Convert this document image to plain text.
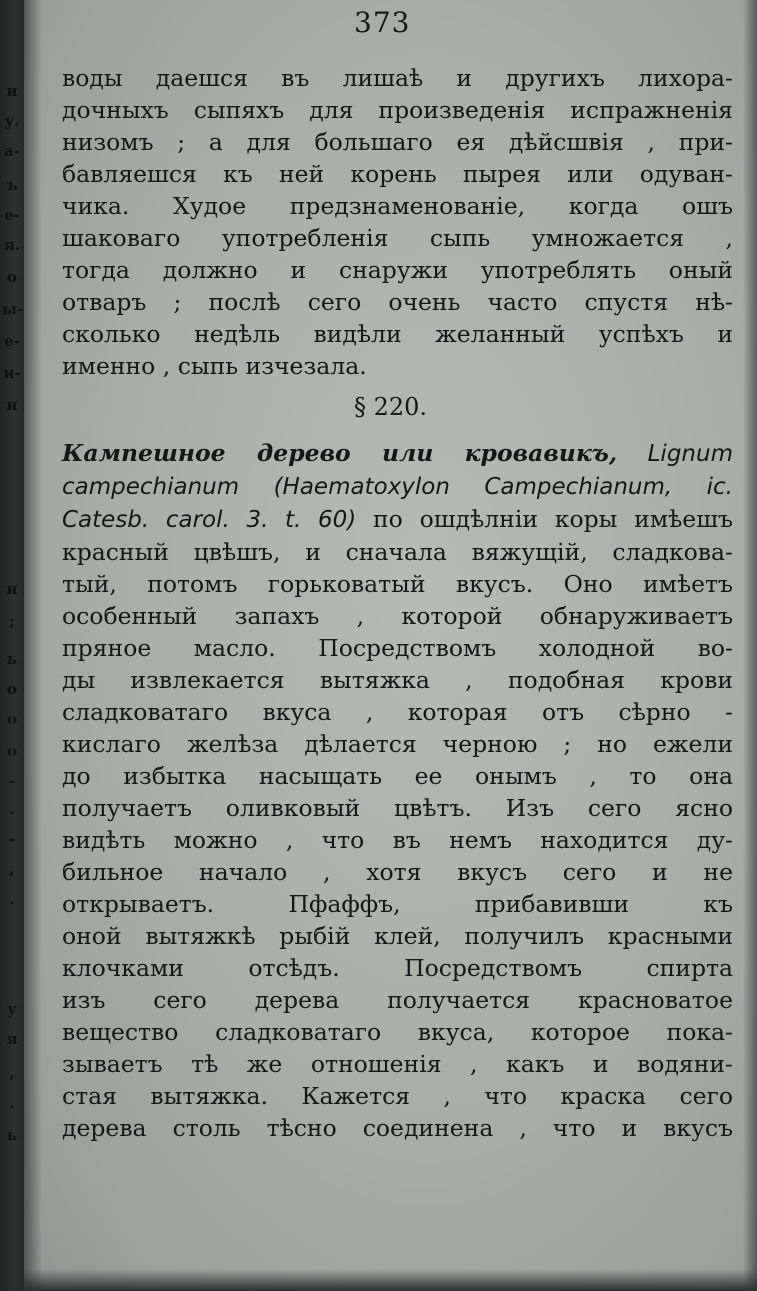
и
у.
а-
ъ
е-
я.
о
ы-
е-
и-
и
и
;
ь
о
о
о
-
.
-
,
.
у
я
,
.
ь
373
воды даешся въ лишаѣ и другихъ лихора-
дочныхъ сыпяхъ для произведенія испражненія
низомъ ; а для большаго ея дѣйсшвія , при-
бавляешся къ ней корень пырея или одуван-
чика. Худое предзнаменованіе, когда ошъ
шаковаго употребленія сыпь умножается ,
тогда должно и снаружи употреблять оный
отваръ ; послѣ сего очень часто спустя нѣ-
сколько недѣль видѣли желанный успѣхъ и
именно , сыпь изчезала.
§ 220.
Кампешное дерево или кровавикъ, Lignum
campechianum (Haematoxylon Campechianum, ic.
Catesb. carol. 3. t. 60) по ошдѣлніи коры имѣешъ
красный цвѣшъ, и сначала вяжущій, сладкова-
тый, потомъ горьковатый вкусъ. Оно имѣетъ
особенный запахъ , которой обнаруживаетъ
пряное масло. Посредствомъ холодной во-
ды извлекается вытяжка , подобная крови
сладковатаго вкуса , которая отъ сѣрно -
кислаго желѣза дѣлается черною ; но ежели
до избытка насыщать ее онымъ , то она
получаетъ оливковый цвѣтъ. Изъ сего ясно
видѣть можно , что въ немъ находится ду-
бильное начало , хотя вкусъ сего и не
открываетъ. Пфаффъ, прибавивши къ
оной вытяжкѣ рыбій клей, получилъ красными
клочками отсѣдъ. Посредствомъ спирта
изъ сего дерева получается красноватое
вещество сладковатаго вкуса, которое пока-
зываетъ тѣ же отношенія , какъ и водяни-
стая вытяжка. Кажется , что краска сего
дерева столь тѣсно соединена , что и вкусъ
